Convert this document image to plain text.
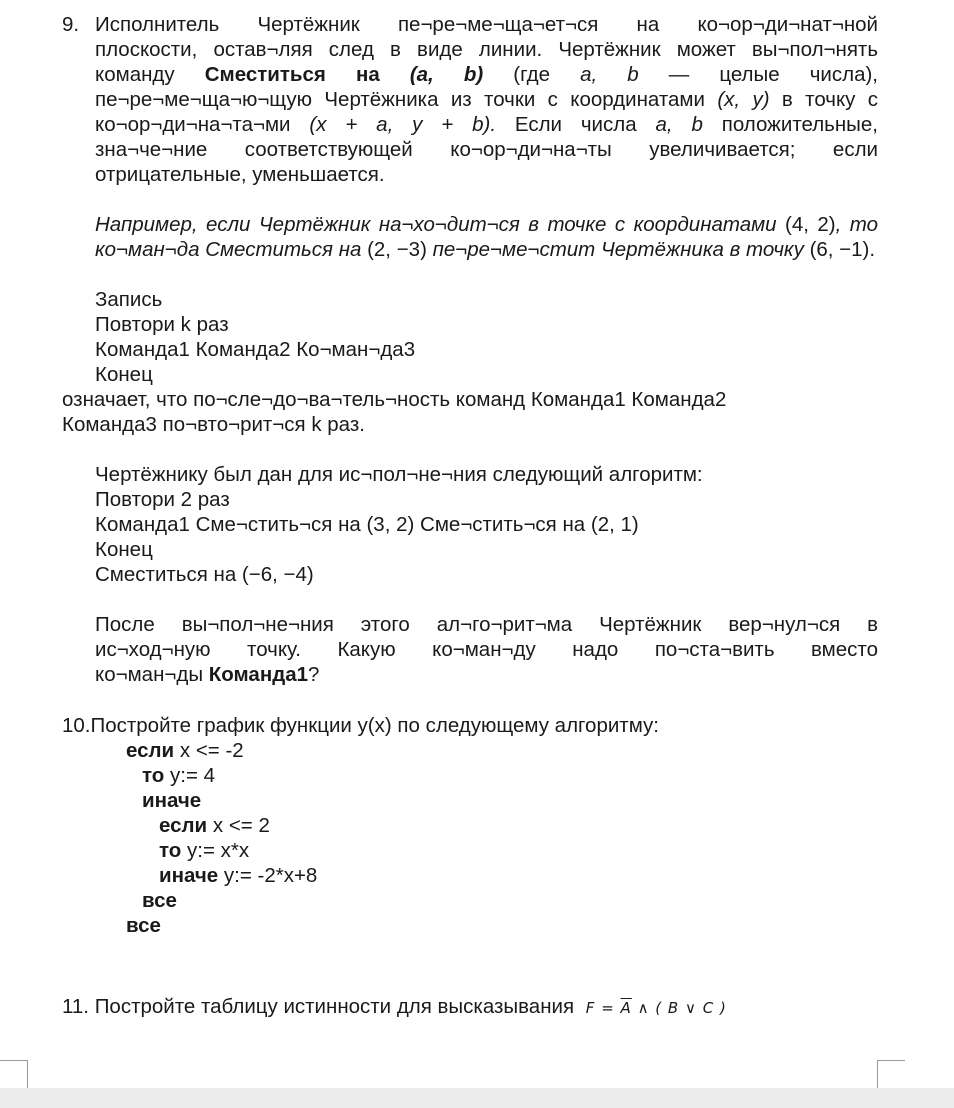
9. Исполнитель Чертёжник пе¬ре¬ме¬ща¬ет¬ся на ко¬ор¬ди¬нат¬ной
плоскости, остав¬ляя след в виде линии. Чертёжник может вы¬пол¬нять
команду Сместиться на (a, b) (где a, b — целые числа),
пе¬ре¬ме¬ща¬ю¬щую Чертёжника из точки с координатами (x, y) в точку с
ко¬ор¬ди¬на¬та¬ми (x + a, y + b). Если числа a, b положительные,
зна¬че¬ние соответствующей ко¬ор¬ди¬на¬ты увеличивается; если
отрицательные, уменьшается.
Например, если Чертёжник на¬хо¬дит¬ся в точке с координатами (4, 2), то
ко¬ман¬да Сместиться на (2, −3) пе¬ре¬ме¬стит Чертёжника в точку (6, −1).
Запись
Повтори k раз
Команда1 Команда2 Ко¬ман¬да3
Конец
означает, что по¬сле¬до¬ва¬тель¬ность команд Команда1 Команда2
Команда3 по¬вто¬рит¬ся k раз.
Чертёжнику был дан для ис¬пол¬не¬ния следующий алгоритм:
Повтори 2 раз
Команда1 Сме¬стить¬ся на (3, 2) Сме¬стить¬ся на (2, 1)
Конец
Сместиться на (−6, −4)
После вы¬пол¬не¬ния этого ал¬го¬рит¬ма Чертёжник вер¬нул¬ся в
ис¬ход¬ную точку. Какую ко¬ман¬ду надо по¬ста¬вить вместо
ко¬ман¬ды Команда1?
10.Постройте график функции y(x) по следующему алгоритму:
если x <= -2
то y:= 4
иначе
если x <= 2
то y:= x*x
иначе y:= -2*x+8
все
все
11. Постройте таблицу истинности для высказывания $F = \overline{A}$ ∧ ( B ∨ C )
